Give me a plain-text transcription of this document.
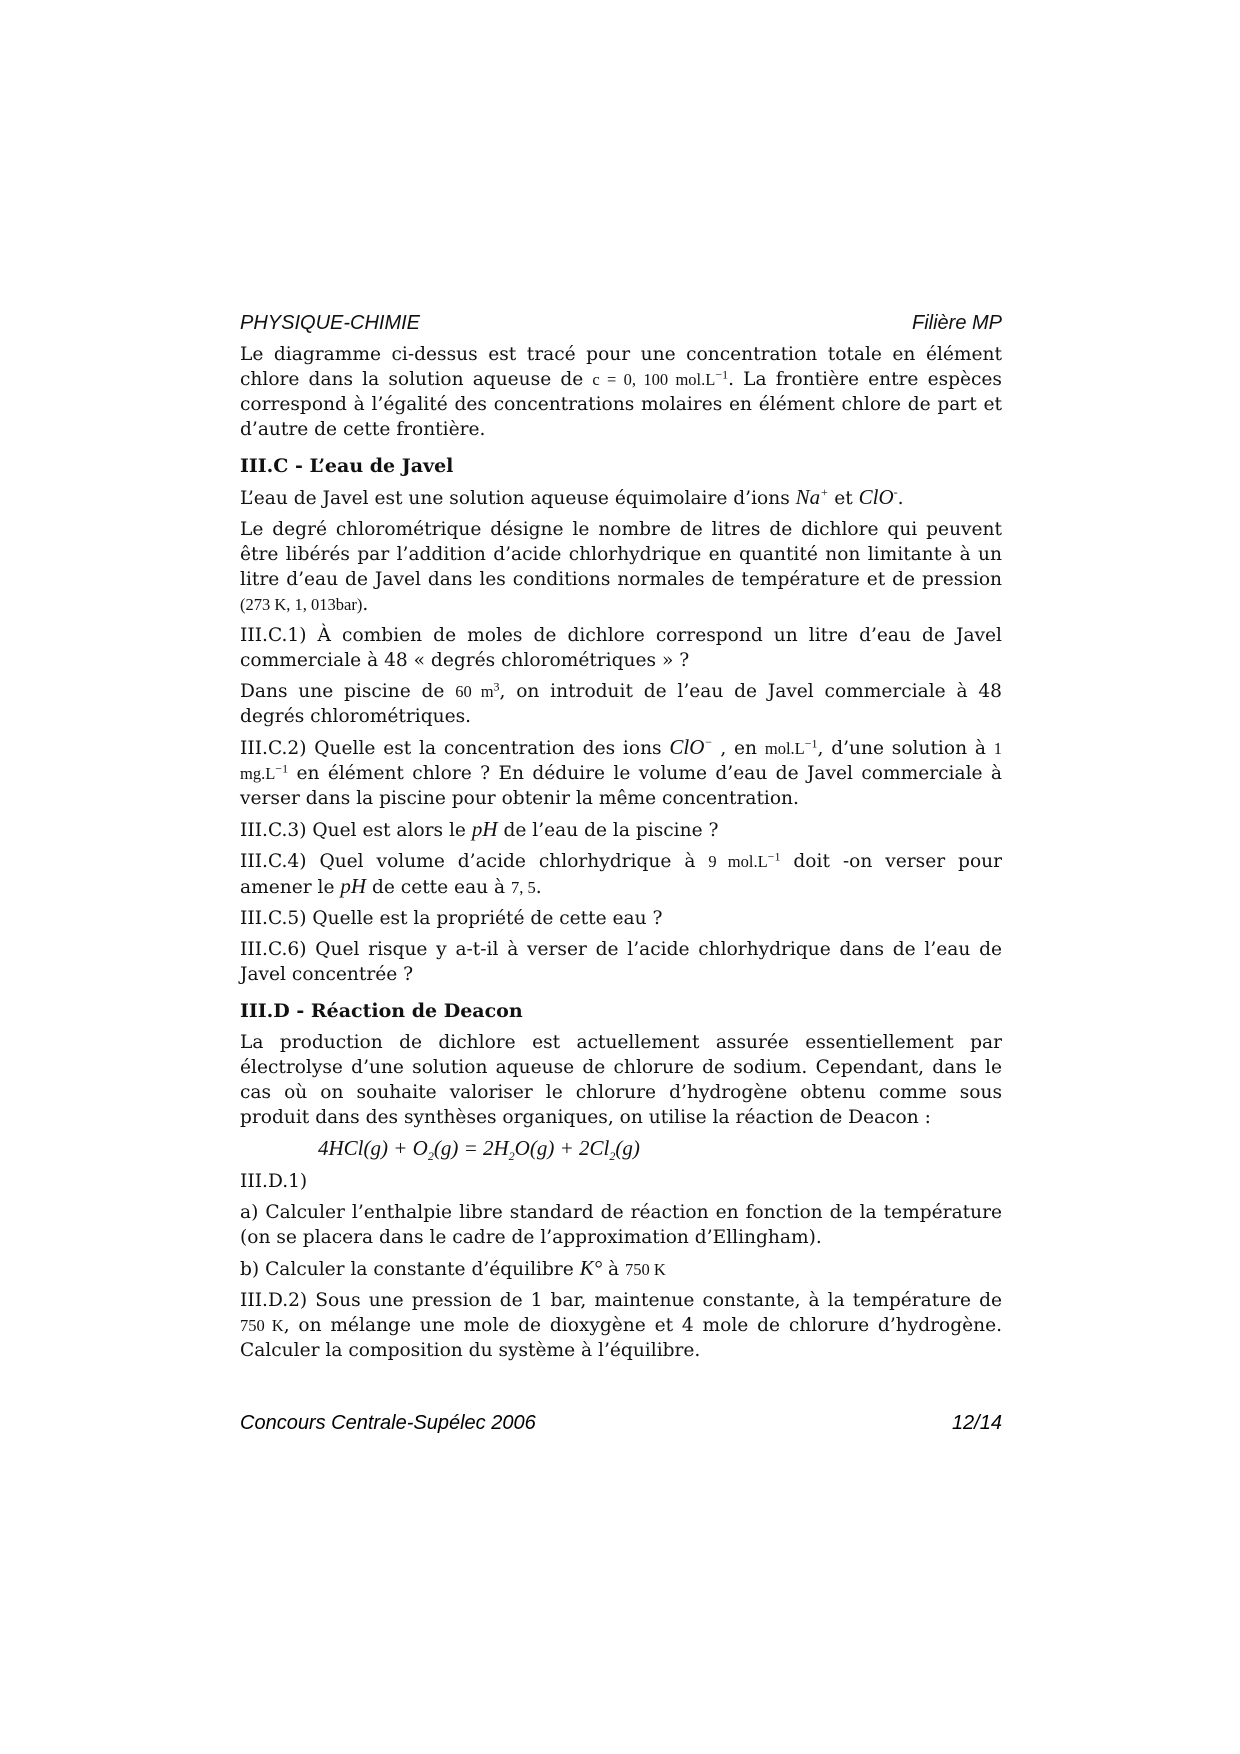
PHYSIQUE-CHIMIE	Filière MP

Le diagramme ci-dessus est tracé pour une concentration totale en élément chlore dans la solution aqueuse de c = 0, 100 $mol.L^{-1}$. La frontière entre espèces correspond à l’égalité des concentrations molaires en élément chlore de part et d’autre de cette frontière.

III.C - L’eau de Javel

L’eau de Javel est une solution aqueuse équimolaire d’ions Na+ et ClO-.

Le degré chlorométrique désigne le nombre de litres de dichlore qui peuvent être libérés par l’addition d’acide chlorhydrique en quantité non limitante à un litre d’eau de Javel dans les conditions normales de température et de pression (273 K, 1, 013bar).

III.C.1) À combien de moles de dichlore correspond un litre d’eau de Javel commerciale à 48 « degrés chlorométriques » ?

Dans une piscine de 60 $m^3$, on introduit de l’eau de Javel commerciale à 48 degrés chlorométriques.

III.C.2) Quelle est la concentration des ions ClO− , en $mol.L^{-1}$, d’une solution à 1 $mg.L^{-1}$ en élément chlore ? En déduire le volume d’eau de Javel commerciale à verser dans la piscine pour obtenir la même concentration.

III.C.3) Quel est alors le pH de l’eau de la piscine ?

III.C.4) Quel volume d’acide chlorhydrique à 9 $mol.L^{-1}$ doit -on verser pour amener le pH de cette eau à 7, 5.

III.C.5) Quelle est la propriété de cette eau ?

III.C.6) Quel risque y a-t-il à verser de l’acide chlorhydrique dans de l’eau de Javel concentrée ?

III.D - Réaction de Deacon

La production de dichlore est actuellement assurée essentiellement par électrolyse d’une solution aqueuse de chlorure de sodium. Cependant, dans le cas où on souhaite valoriser le chlorure d’hydrogène obtenu comme sous produit dans des synthèses organiques, on utilise la réaction de Deacon :

$4HCl(g) + O_2(g) = 2H_2O(g) + 2Cl_2(g)$

III.D.1)

a) Calculer l’enthalpie libre standard de réaction en fonction de la température (on se placera dans le cadre de l’approximation d’Ellingham).

b) Calculer la constante d’équilibre K° à 750 K

III.D.2) Sous une pression de 1 bar, maintenue constante, à la température de 750 K, on mélange une mole de dioxygène et 4 mole de chlorure d’hydrogène. Calculer la composition du système à l’équilibre.

Concours Centrale-Supélec 2006	12/14
